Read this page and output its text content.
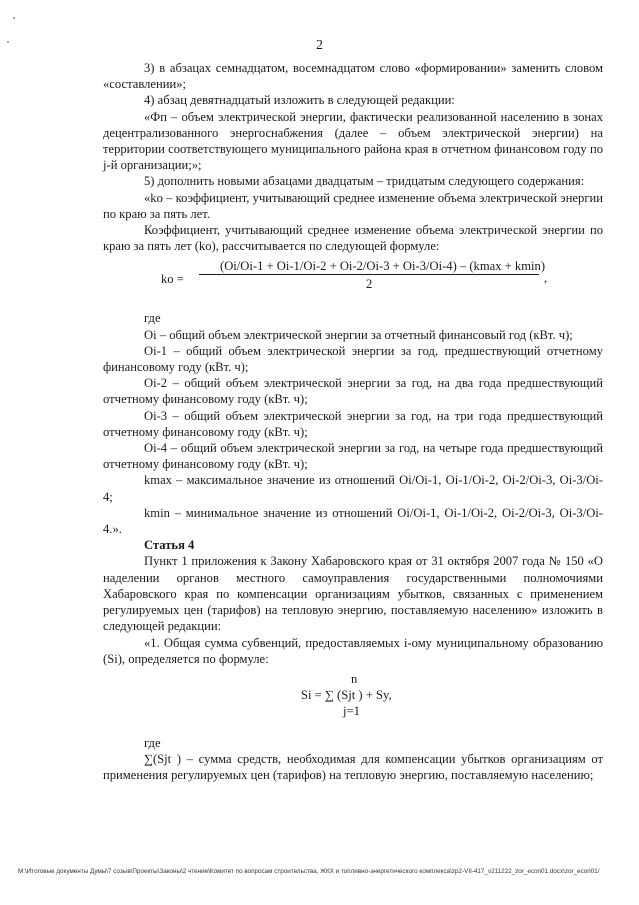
2

3) в абзацах семнадцатом, восемнадцатом слово «формировании» заменить словом «составлении»;

4) абзац девятнадцатый изложить в следующей редакции:

«Фп – объем электрической энергии, фактически реализованной населению в зонах децентрализованного энергоснабжения (далее – объем электрической энергии) на территории соответствующего муниципального района края в отчетном финансовом году по j-й организации;»;

5) дополнить новыми абзацами двадцатым – тридцатым следующего содержания:

«ko – коэффициент, учитывающий среднее изменение объема электрической энергии по краю за пять лет.

Коэффициент, учитывающий среднее изменение объема электрической энергии по краю за пять лет (ko), рассчитывается по следующей формуле:

ko =
(Oi/Oi-1 + Oi-1/Oi-2 + Oi-2/Oi-3 + Oi-3/Oi-4) – (kmax + kmin)
2	,

где

Oi – общий объем электрической энергии за отчетный финансовый год (кВт. ч);

Oi-1 – общий объем электрической энергии за год, предшествующий отчетному финансовому году (кВт. ч);

Oi-2 – общий объем электрической энергии за год, на два года предшествующий отчетному финансовому году (кВт. ч);

Oi-3 – общий объем электрической энергии за год, на три года предшествующий отчетному финансовому году (кВт. ч);

Oi-4 – общий объем электрической энергии за год, на четыре года предшествующий отчетному финансовому году (кВт. ч);

kmax – максимальное значение из отношений Oi/Oi-1, Oi-1/Oi-2, Oi-2/Oi-3, Oi-3/Oi-4;

kmin – минимальное значение из отношений Oi/Oi-1, Oi-1/Oi-2, Oi-2/Oi-3, Oi-3/Oi-4.».

Статья 4

Пункт 1 приложения к Закону Хабаровского края от 31 октября 2007 года № 150 «О наделении органов местного самоуправления государственными полномочиями Хабаровского края по компенсации организациям убытков, связанных с применением регулируемых цен (тарифов) на тепловую энергию, поставляемую населению» изложить в следующей редакции:

«1. Общая сумма субвенций, предоставляемых i-ому муниципальному образованию (Si), определяется по формуле:

n
Si = ∑ (Sjt ) + Sy,
j=1

где

∑(Sjt ) – сумма средств, необходимая для компенсации убытков организациям от применения регулируемых цен (тарифов) на тепловую энергию, поставляемую населению;

M:\Итоговые документы Думы\7 созыв\Проекты\Законы\2 чтение\Комитет по вопросам строительства, ЖКХ и топливно-энергетического комплекса\zp2-VII-417_v211222_zor_econ01.docx\zor_econ01/
